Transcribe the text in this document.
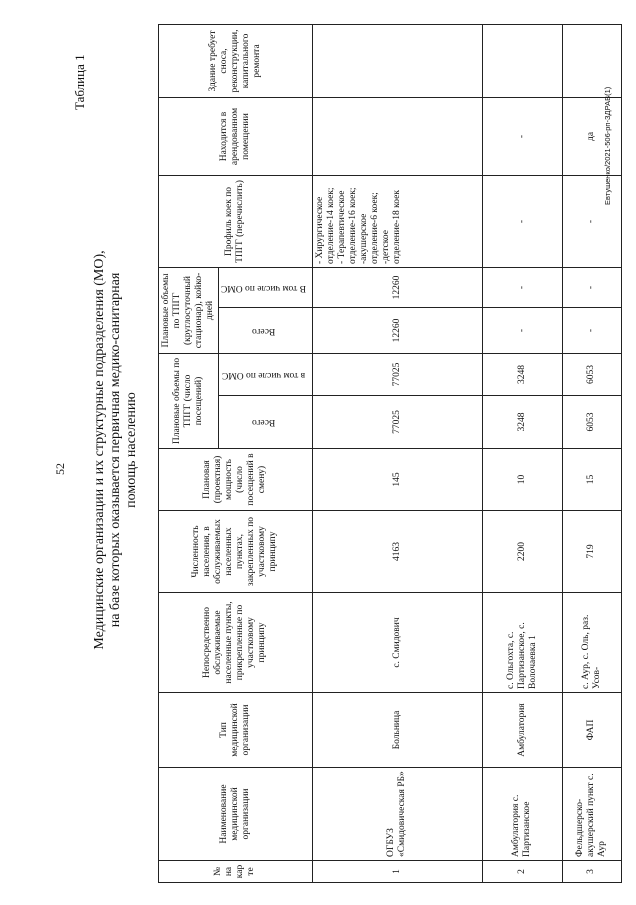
52
Таблица 1
Медицинские организации и их структурные подразделения (МО), на базе которых оказывается первичная медико-санитарная помощь населению
№ на карте	Наименование медицинской организации	Тип медицинской организации	Непосредственно обслуживаемые населенные пункты, прикрепленные по участковому принципу	Численность населения, в обслуживаемых населенных пунктах, закрепленных по участковому принципу	Плановая (проектная) мощность (число посещений в смену)	Плановые объемы по ТПГГ (число посещений)		Плановые объемы по ТПГГ (круглосуточный стационар), койко-дней		Профиль коек по ТПГГ (перечислить)	Находится в арендованном помещении	Здание требует сноса, реконструкции, капитального ремонта
						Всего	в том числе по ОМС	Всего	В том числе по ОМС			
1	ОГБУЗ «Смидовическая РБ»	Больница	с. Смидович	4163	145	77025	77025	12260	12260	- Хирургическое отделение-14 коек; - Терапевтическое отделение-16 коек; -акушерское отделение-6 коек; -детское отделение-18 коек		

2	Амбулатория с. Партизанское	Амбулатория	с. Ольгохта, с. Партизанское, с. Волочаевка 1	2200	10	3248	3248	-	-	-	-	
3	Фельдшерско-акушерский пункт с. Аур	ФАП	с. Аур, с. Оль, раз. Усов-	719	15	6053	6053	-	-	-	да	Евтушенко/2021-506-рп-ЗДРАВ(1)
